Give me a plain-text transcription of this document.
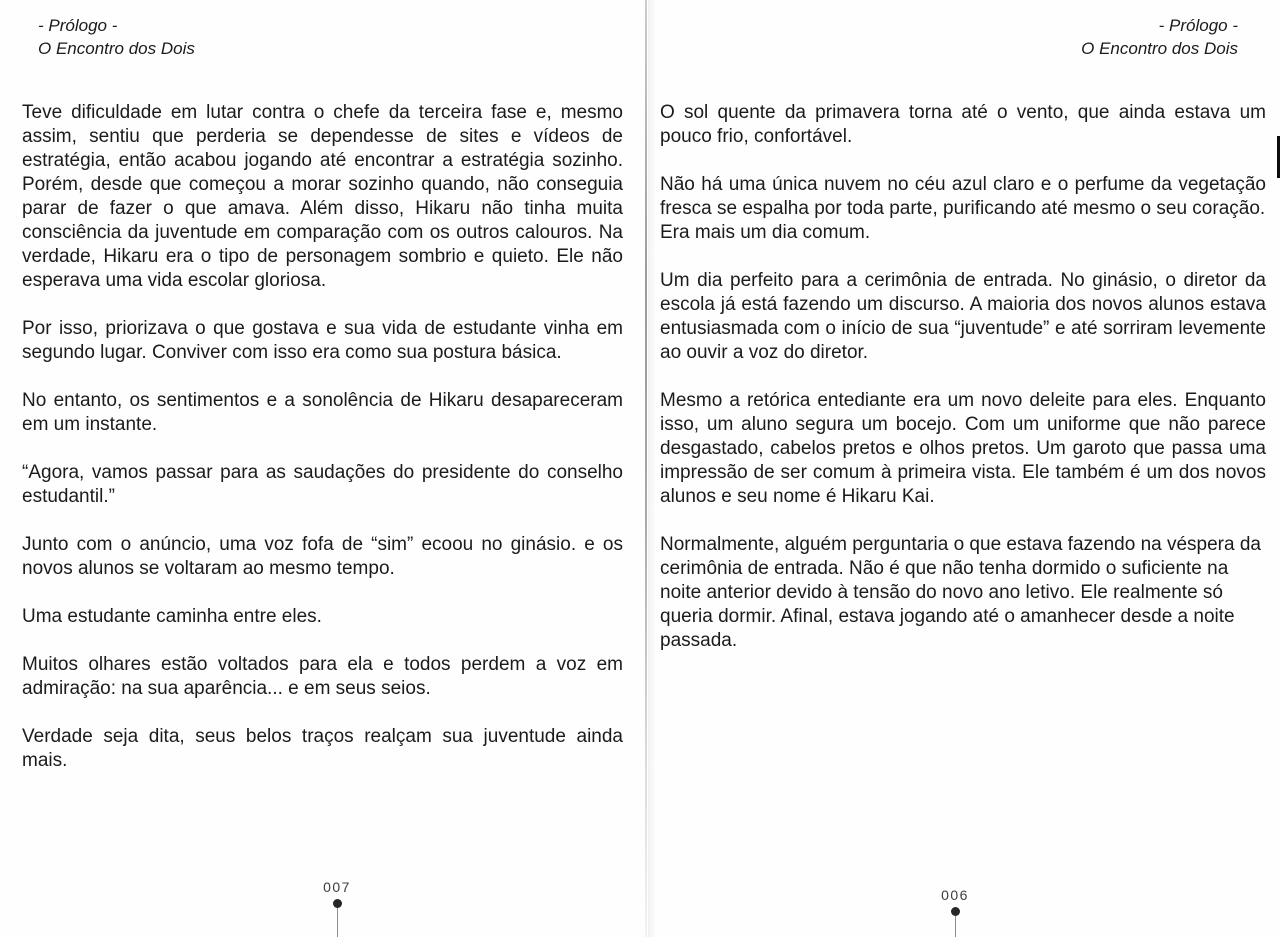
- Prólogo -
O Encontro dos Dois

Teve dificuldade em lutar contra o chefe da terceira fase e, mesmo assim, sentiu que perderia se dependesse de sites e vídeos de estratégia, então acabou jogando até encontrar a estratégia sozinho. Porém, desde que começou a morar sozinho quando, não conseguia parar de fazer o que amava. Além disso, Hikaru não tinha muita consciência da juventude em comparação com os outros calouros. Na verdade, Hikaru era o tipo de personagem sombrio e quieto. Ele não esperava uma vida escolar gloriosa.

Por isso, priorizava o que gostava e sua vida de estudante vinha em segundo lugar. Conviver com isso era como sua postura básica.

No entanto, os sentimentos e a sonolência de Hikaru desapareceram em um instante.

“Agora, vamos passar para as saudações do presidente do conselho estudantil.”

Junto com o anúncio, uma voz fofa de “sim” ecoou no ginásio. e os novos alunos se voltaram ao mesmo tempo.

Uma estudante caminha entre eles.

Muitos olhares estão voltados para ela e todos perdem a voz em admiração: na sua aparência... e em seus seios.

Verdade seja dita, seus belos traços realçam sua juventude ainda mais.

- Prólogo -
O Encontro dos Dois

O sol quente da primavera torna até o vento, que ainda estava um pouco frio, confortável.

Não há uma única nuvem no céu azul claro e o perfume da vegetação fresca se espalha por toda parte, purificando até mesmo o seu coração.

Era mais um dia comum.

Um dia perfeito para a cerimônia de entrada. No ginásio, o diretor da escola já está fazendo um discurso. A maioria dos novos alunos estava entusiasmada com o início de sua “juventude” e até sorriram levemente ao ouvir a voz do diretor.

Mesmo a retórica entediante era um novo deleite para eles. Enquanto isso, um aluno segura um bocejo. Com um uniforme que não parece desgastado, cabelos pretos e olhos pretos. Um garoto que passa uma impressão de ser comum à primeira vista. Ele também é um dos novos alunos e seu nome é Hikaru Kai.

Normalmente, alguém perguntaria o que estava fazendo na véspera da cerimônia de entrada. Não é que não tenha dormido o suficiente na noite anterior devido à tensão do novo ano letivo. Ele realmente só queria dormir. Afinal, estava jogando até o amanhecer desde a noite passada.

007	006
